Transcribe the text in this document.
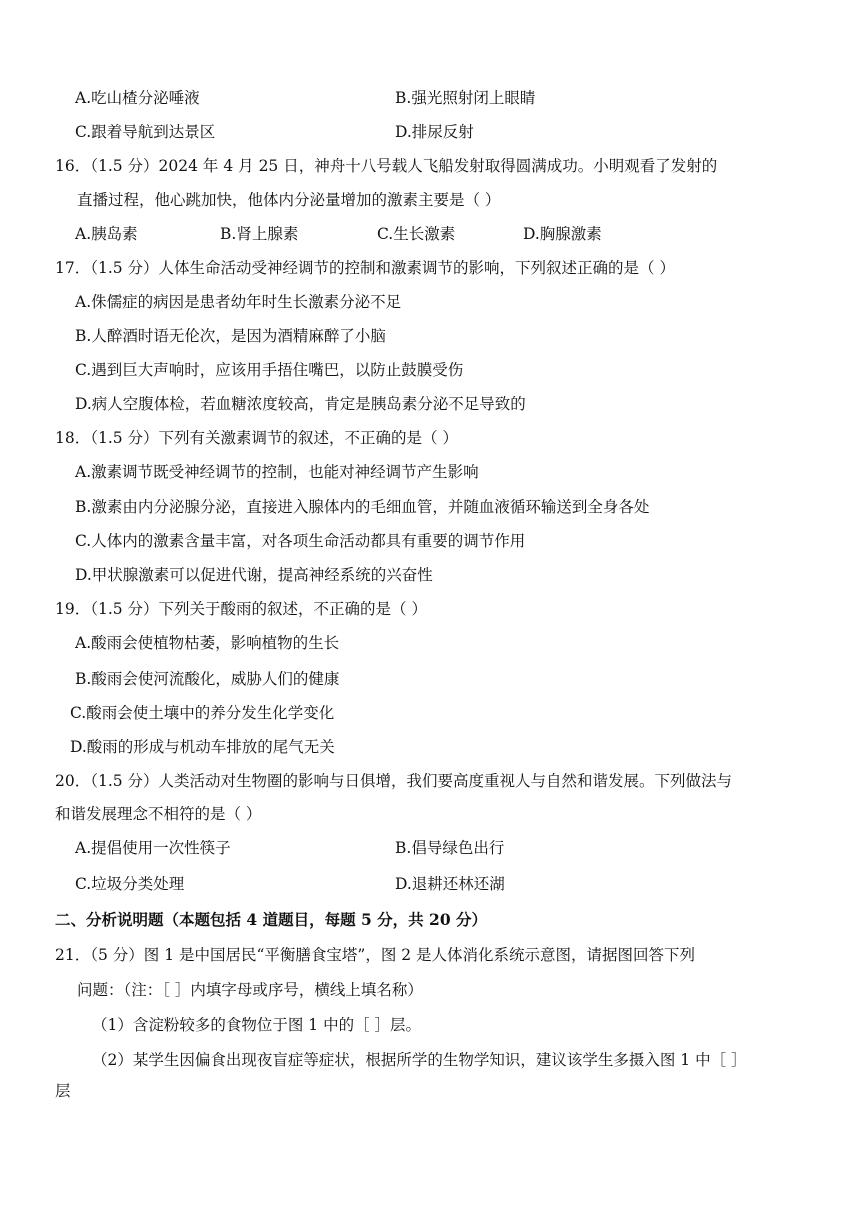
A.吃山楂分泌唾液	B.强光照射闭上眼睛
C.跟着导航到达景区	D.排尿反射
16．（1.5 分）2024 年 4 月 25 日，神舟十八号载人飞船发射取得圆满成功。小明观看了发射的
直播过程，他心跳加快，他体内分泌量增加的激素主要是（ ）
A.胰岛素	B.肾上腺素	C.生长激素	D.胸腺激素
17．（1.5 分）人体生命活动受神经调节的控制和激素调节的影响，下列叙述正确的是（ ）
A.侏儒症的病因是患者幼年时生长激素分泌不足
B.人醉酒时语无伦次，是因为酒精麻醉了小脑
C.遇到巨大声响时，应该用手捂住嘴巴，以防止鼓膜受伤
D.病人空腹体检，若血糖浓度较高，肯定是胰岛素分泌不足导致的
18．（1.5 分）下列有关激素调节的叙述，不正确的是（ ）
A.激素调节既受神经调节的控制，也能对神经调节产生影响
B.激素由内分泌腺分泌，直接进入腺体内的毛细血管，并随血液循环输送到全身各处
C.人体内的激素含量丰富，对各项生命活动都具有重要的调节作用
D.甲状腺激素可以促进代谢，提高神经系统的兴奋性
19．（1.5 分）下列关于酸雨的叙述，不正确的是（ ）
A.酸雨会使植物枯萎，影响植物的生长
B.酸雨会使河流酸化，威胁人们的健康
C.酸雨会使土壤中的养分发生化学变化
D.酸雨的形成与机动车排放的尾气无关
20．（1.5 分）人类活动对生物圈的影响与日俱增，我们要高度重视人与自然和谐发展。下列做法与
和谐发展理念不相符的是（ ）
A.提倡使用一次性筷子	B.倡导绿色出行
C.垃圾分类处理	D.退耕还林还湖
二、分析说明题（本题包括 4 道题目，每题 5 分，共 20 分）
21．（5 分）图 1 是中国居民“平衡膳食宝塔”，图 2 是人体消化系统示意图，请据图回答下列
问题：（注：［ ］内填字母或序号，横线上填名称）
（1）含淀粉较多的食物位于图 1 中的［ ］层。
（2）某学生因偏食出现夜盲症等症状，根据所学的生物学知识，建议该学生多摄入图 1 中［ ］
层
